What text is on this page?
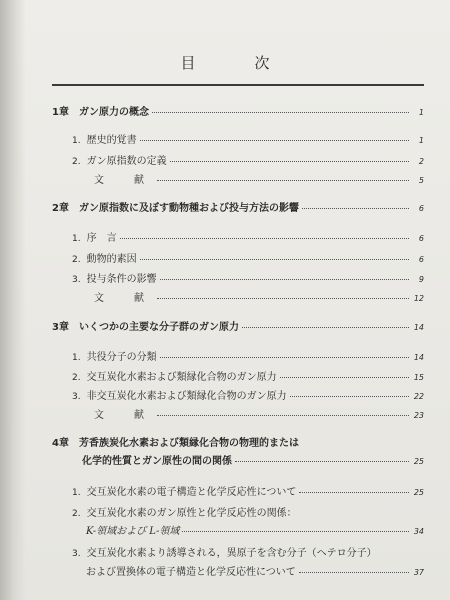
目　次
1章　ガン原力の概念	1
1. 歴史的覚書	1
2. ガン原指数の定義	2
文　献	5
2章　ガン原指数に及ぼす動物種および投与方法の影響	6
1. 序　言	6
2. 動物的素因	6
3. 投与条件の影響	9
文　献	12
3章　いくつかの主要な分子群のガン原力	14
1. 共役分子の分類	14
2. 交互炭化水素および類縁化合物のガン原力	15
3. 非交互炭化水素および類縁化合物のガン原力	22
文　献	23
4章　芳香族炭化水素および類縁化合物の物理的または
化学的性質とガン原性の間の関係	25
1. 交互炭化水素の電子構造と化学反応性について	25
2. 交互炭化水素のガン原性と化学反応性の関係：
K-領域および L-領域	34
3. 交互炭化水素より誘導される，異原子を含む分子（ヘテロ分子）
および置換体の電子構造と化学反応性について	37
